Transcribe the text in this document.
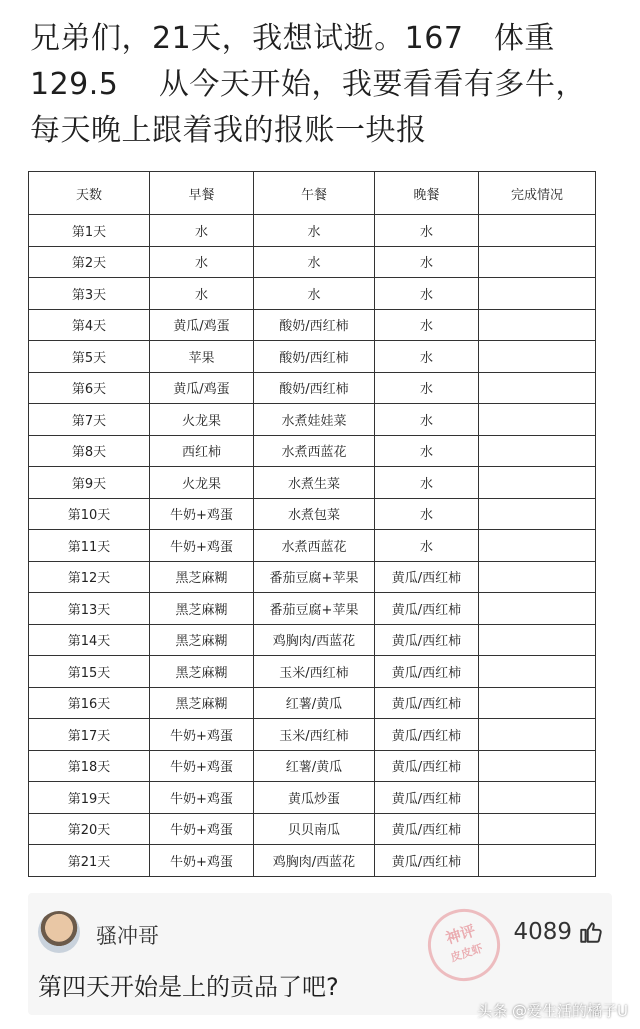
兄弟们，21天，我想试逝。167　体重
129.5　 从今天开始，我要看看有多牛，
每天晚上跟着我的报账一块报
天数	早餐	午餐	晚餐	完成情况
第1天	水	水	水	
第2天	水	水	水	
第3天	水	水	水	
第4天	黄瓜/鸡蛋	酸奶/西红柿	水	
第5天	苹果	酸奶/西红柿	水	
第6天	黄瓜/鸡蛋	酸奶/西红柿	水	
第7天	火龙果	水煮娃娃菜	水	
第8天	西红柿	水煮西蓝花	水	
第9天	火龙果	水煮生菜	水	
第10天	牛奶+鸡蛋	水煮包菜	水	
第11天	牛奶+鸡蛋	水煮西蓝花	水	
第12天	黑芝麻糊	番茄豆腐+苹果	黄瓜/西红柿	
第13天	黑芝麻糊	番茄豆腐+苹果	黄瓜/西红柿	
第14天	黑芝麻糊	鸡胸肉/西蓝花	黄瓜/西红柿	
第15天	黑芝麻糊	玉米/西红柿	黄瓜/西红柿	
第16天	黑芝麻糊	红薯/黄瓜	黄瓜/西红柿	
第17天	牛奶+鸡蛋	玉米/西红柿	黄瓜/西红柿	
第18天	牛奶+鸡蛋	红薯/黄瓜	黄瓜/西红柿	
第19天	牛奶+鸡蛋	黄瓜炒蛋	黄瓜/西红柿	
第20天	牛奶+鸡蛋	贝贝南瓜	黄瓜/西红柿	
第21天	牛奶+鸡蛋	鸡胸肉/西蓝花	黄瓜/西红柿	
骚冲哥	神评
皮皮虾
4089
第四天开始是上的贡品了吧?
头条 @爱生活的橘子U
